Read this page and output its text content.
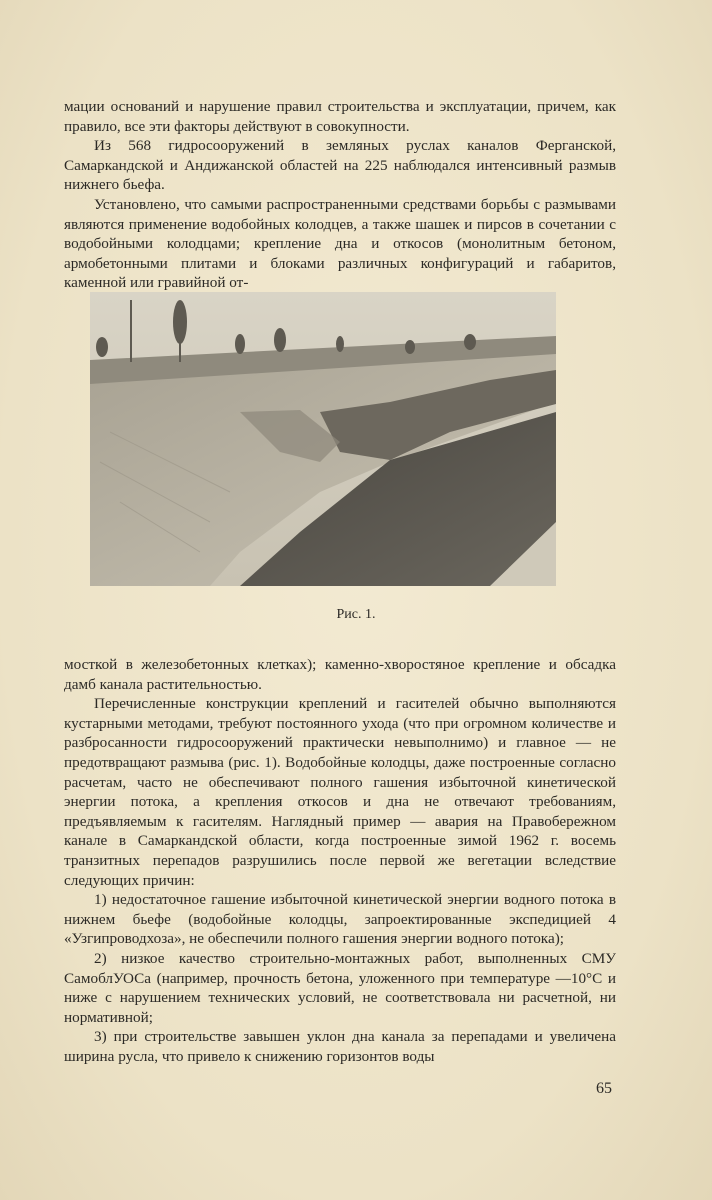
мации оснований и нарушение правил строительства и эксплуатации, причем, как правило, все эти факторы действуют в совокупности.

Из 568 гидросооружений в земляных руслах каналов Ферганской, Самаркандской и Андижанской областей на 225 наблюдался интенсивный размыв нижнего бьефа.

Установлено, что самыми распространенными средствами борьбы с размывами являются применение водобойных колодцев, а также шашек и пирсов в сочетании с водобойными колодцами; крепление дна и откосов (монолитным бетоном, армобетонными плитами и блоками различных конфигураций и габаритов, каменной или гравийной от-

Рис. 1.

мосткой в железобетонных клетках); каменно-хворостяное крепление и обсадка дамб канала растительностью.

Перечисленные конструкции креплений и гасителей обычно выполняются кустарными методами, требуют постоянного ухода (что при огромном количестве и разбросанности гидросооружений практически невыполнимо) и главное — не предотвращают размыва (рис. 1). Водобойные колодцы, даже построенные согласно расчетам, часто не обеспечивают полного гашения избыточной кинетической энергии потока, а крепления откосов и дна не отвечают требованиям, предъявляемым к гасителям. Наглядный пример — авария на Правобережном канале в Самаркандской области, когда построенные зимой 1962 г. восемь транзитных перепадов разрушились после первой же вегетации вследствие следующих причин:

1) недостаточное гашение избыточной кинетической энергии водного потока в нижнем бьефе (водобойные колодцы, запроектированные экспедицией 4 «Узгипроводхоза», не обеспечили полного гашения энергии водного потока);

2) низкое качество строительно-монтажных работ, выполненных СМУ СамоблУОСа (например, прочность бетона, уложенного при температуре —10°С и ниже с нарушением технических условий, не соответствовала ни расчетной, ни нормативной;

3) при строительстве завышен уклон дна канала за перепадами и увеличена ширина русла, что привело к снижению горизонтов воды

65
